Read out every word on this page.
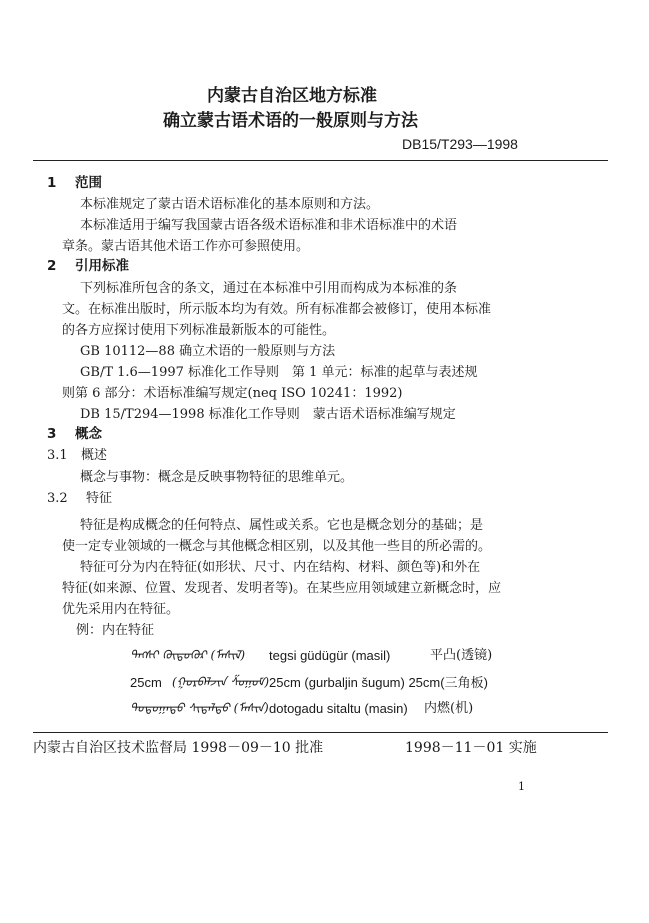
内蒙古自治区地方标准
确立蒙古语术语的一般原则与方法
DB15/T293—1998
1 范围
本标准规定了蒙古语术语标准化的基本原则和方法。
本标准适用于编写我国蒙古语各级术语标准和非术语标准中的术语
章条。蒙古语其他术语工作亦可参照使用。
2 引用标准
下列标准所包含的条文，通过在本标准中引用而构成为本标准的条
文。在标准出版时，所示版本均为有效。所有标准都会被修订，使用本标准
的各方应探讨使用下列标准最新版本的可能性。
GB 10112—88 确立术语的一般原则与方法
GB/T 1.6—1997 标准化工作导则　第 1 单元：标准的起草与表述规
则第 6 部分：术语标准编写规定(neq ISO 10241：1992)
DB 15/T294—1998 标准化工作导则　蒙古语术语标准编写规定
3 概念
3.1 概述
概念与事物：概念是反映事物特征的思维单元。
3.2 特征
特征是构成概念的任何特点、属性或关系。它也是概念划分的基础；是
使一定专业领域的一概念与其他概念相区别，以及其他一些目的所必需的。
特征可分为内在特征(如形状、尺寸、内在结构、材料、颜色等)和外在
特征(如来源、位置、发现者、发明者等)。在某些应用领域建立新概念时，应
优先采用内在特征。
例：内在特征
ᠲᠡᠭᠰᠢ ᠭᠦᠳᠦᠭᠦᠷ (ᠮᠠᠰᠢᠯ) tegsi güdügür (masil)	平凸(透镜)
25cm (ᠭᠤᠷᠪᠠᠯᠵᠢᠨ ᠱᠤᠭᠤᠮ) 25cm (gurbaljin šugum) 25cm(三角板)
ᠳᠣᠲᠣᠭᠠᠳᠤ ᠰᠢᠲᠠᠯᠲᠤ (ᠮᠠᠰᠢᠨ) dotogadu sitaltu (masin) 内燃(机)
内蒙古自治区技术监督局 1998－09－10 批准	1998－11－01 实施
1
